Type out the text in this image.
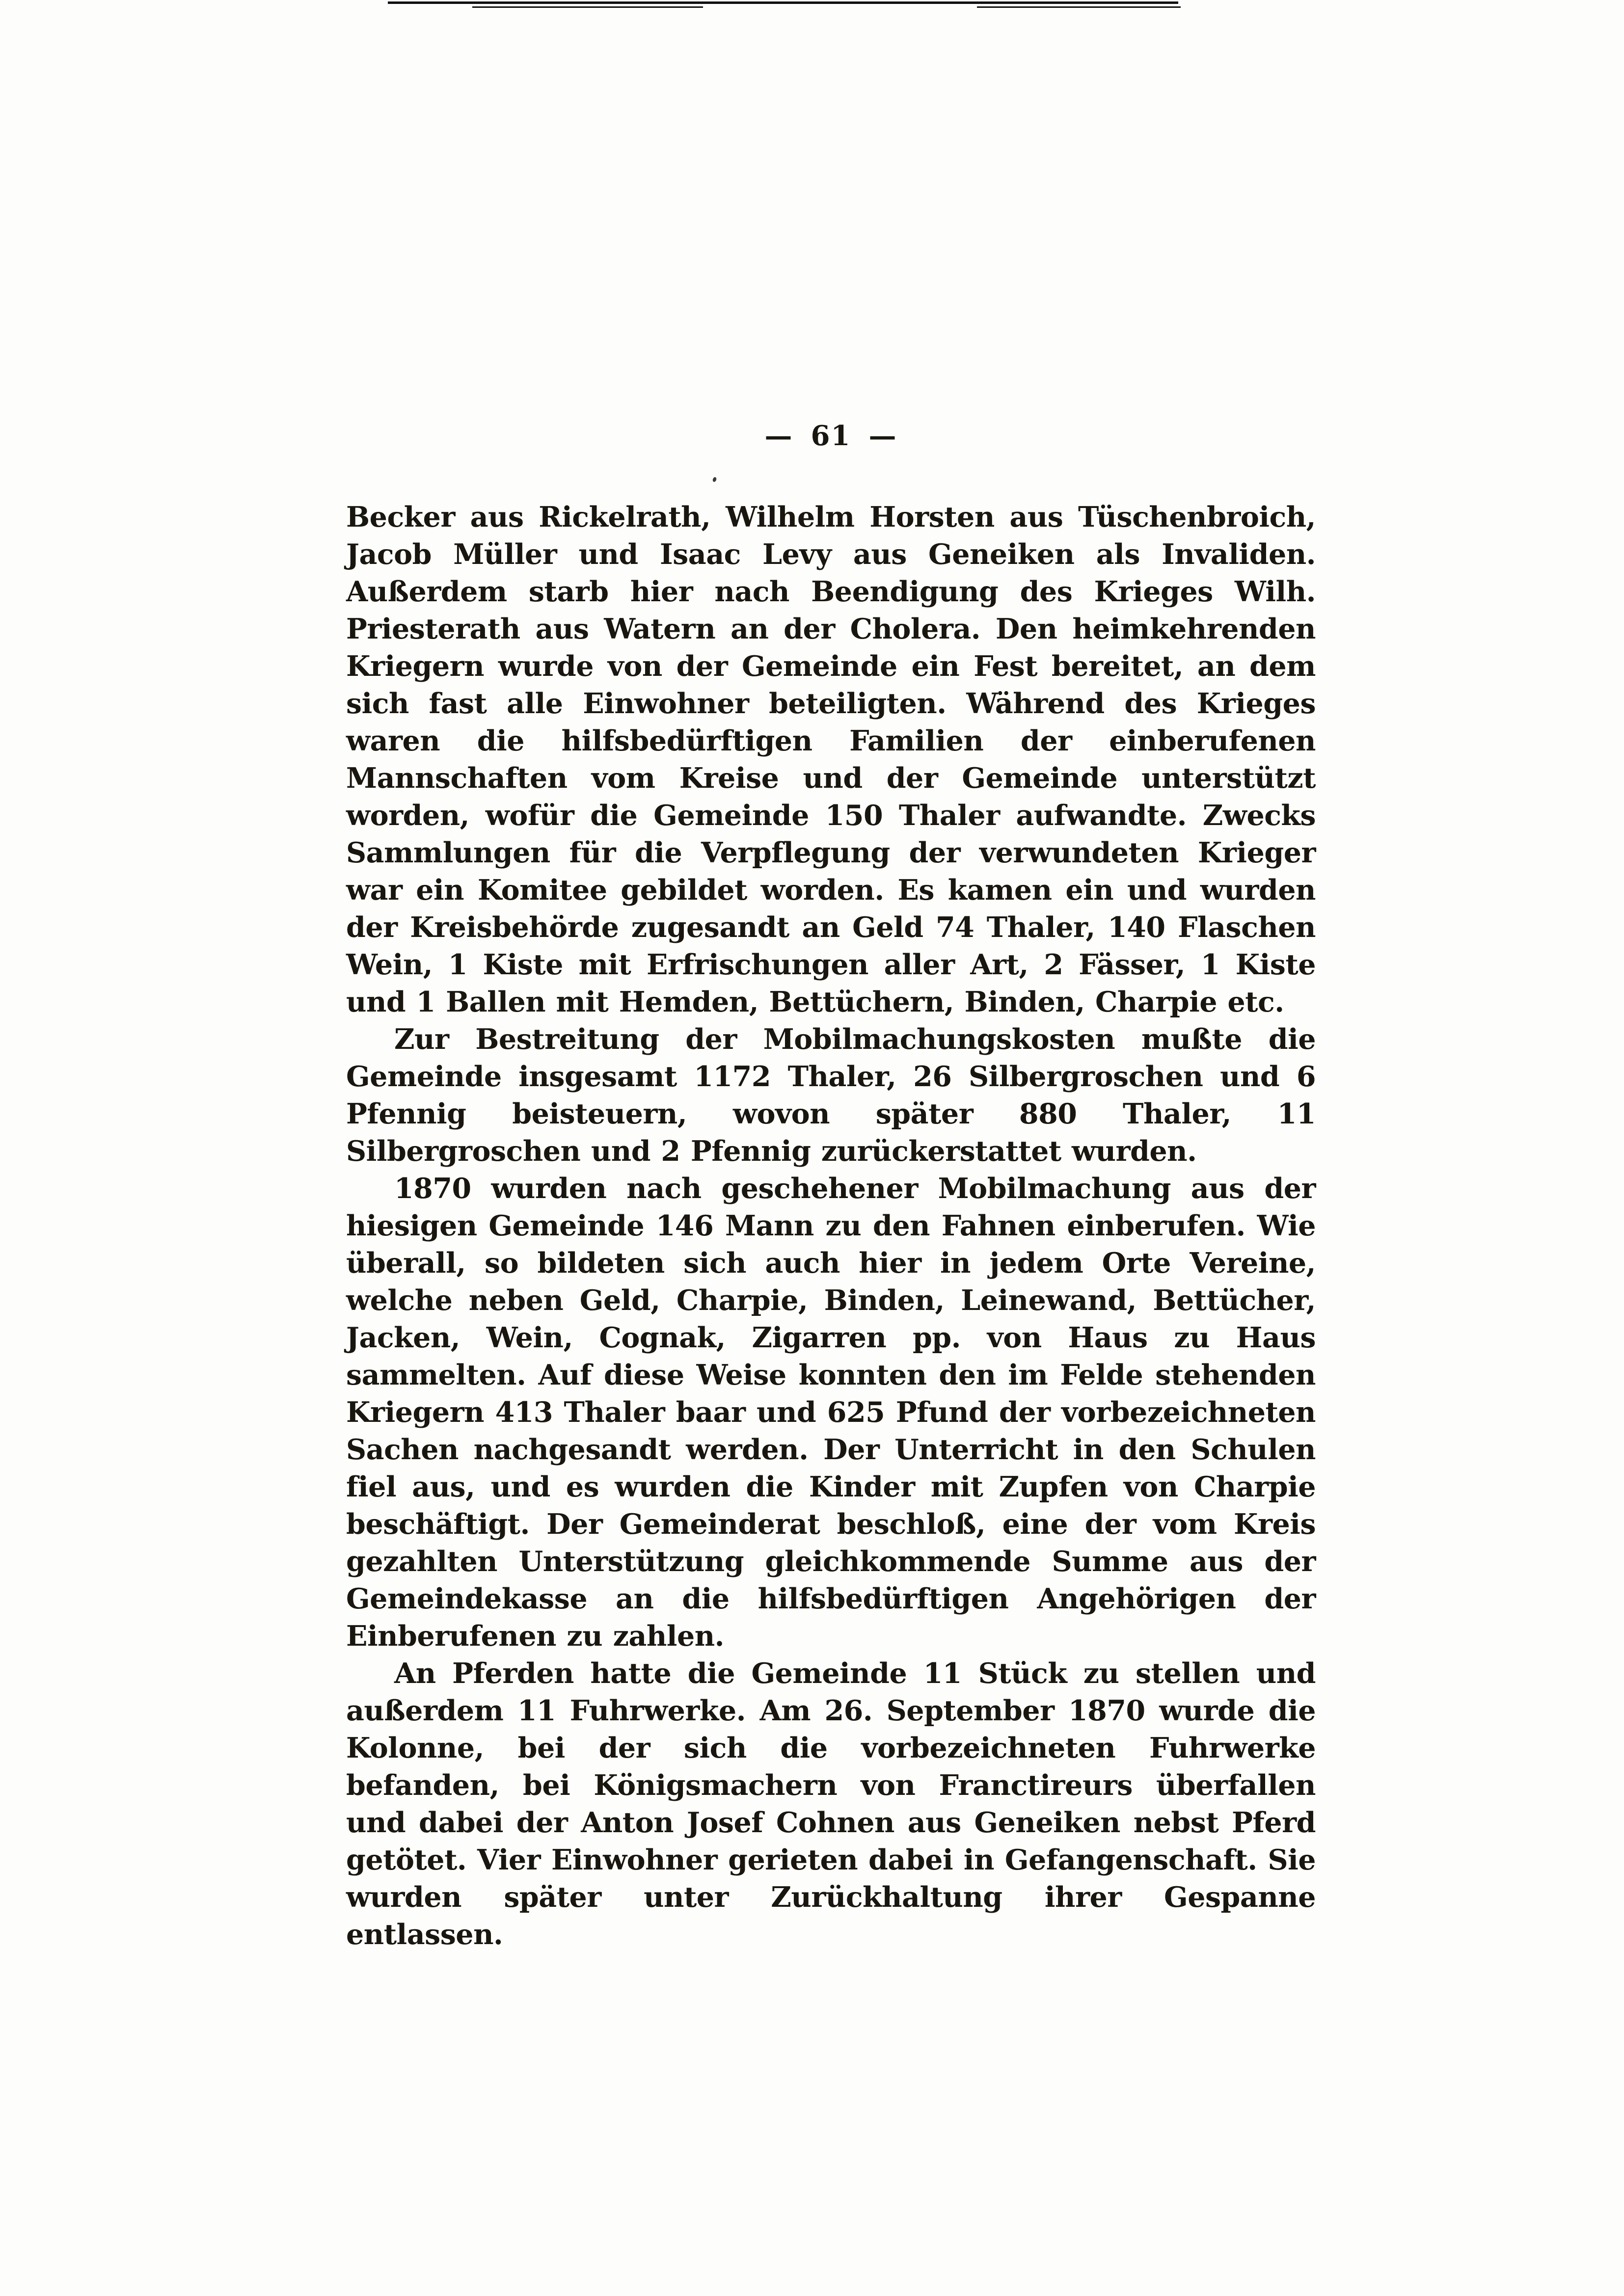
— 61 —

Becker aus Rickelrath, Wilhelm Horsten aus Tüschenbroich, Jacob Müller und Isaac Levy aus Geneiken als Invaliden. Außerdem starb hier nach Beendigung des Krieges Wilh. Priesterath aus Watern an der Cholera. Den heimkehrenden Kriegern wurde von der Gemeinde ein Fest bereitet, an dem sich fast alle Einwohner beteiligten. Während des Krieges waren die hilfsbedürftigen Familien der einberufenen Mannschaften vom Kreise und der Gemeinde unterstützt worden, wofür die Gemeinde 150 Thaler aufwandte. Zwecks Sammlungen für die Verpflegung der verwundeten Krieger war ein Komitee gebildet worden. Es kamen ein und wurden der Kreisbehörde zugesandt an Geld 74 Thaler, 140 Flaschen Wein, 1 Kiste mit Erfrischungen aller Art, 2 Fässer, 1 Kiste und 1 Ballen mit Hemden, Bettüchern, Binden, Charpie etc.

Zur Bestreitung der Mobilmachungskosten mußte die Gemeinde insgesamt 1172 Thaler, 26 Silbergroschen und 6 Pfennig beisteuern, wovon später 880 Thaler, 11 Silbergroschen und 2 Pfennig zurückerstattet wurden.

1870 wurden nach geschehener Mobilmachung aus der hiesigen Gemeinde 146 Mann zu den Fahnen einberufen. Wie überall, so bildeten sich auch hier in jedem Orte Vereine, welche neben Geld, Charpie, Binden, Leinewand, Bettücher, Jacken, Wein, Cognak, Zigarren pp. von Haus zu Haus sammelten. Auf diese Weise konnten den im Felde stehenden Kriegern 413 Thaler baar und 625 Pfund der vorbezeichneten Sachen nachgesandt werden. Der Unterricht in den Schulen fiel aus, und es wurden die Kinder mit Zupfen von Charpie beschäftigt. Der Gemeinderat beschloß, eine der vom Kreis gezahlten Unterstützung gleichkommende Summe aus der Gemeindekasse an die hilfsbedürftigen Angehörigen der Einberufenen zu zahlen.

An Pferden hatte die Gemeinde 11 Stück zu stellen und außerdem 11 Fuhrwerke. Am 26. September 1870 wurde die Kolonne, bei der sich die vorbezeichneten Fuhrwerke befanden, bei Königsmachern von Franctireurs überfallen und dabei der Anton Josef Cohnen aus Geneiken nebst Pferd getötet. Vier Einwohner gerieten dabei in Gefangenschaft. Sie wurden später unter Zurückhaltung ihrer Gespanne entlassen.
